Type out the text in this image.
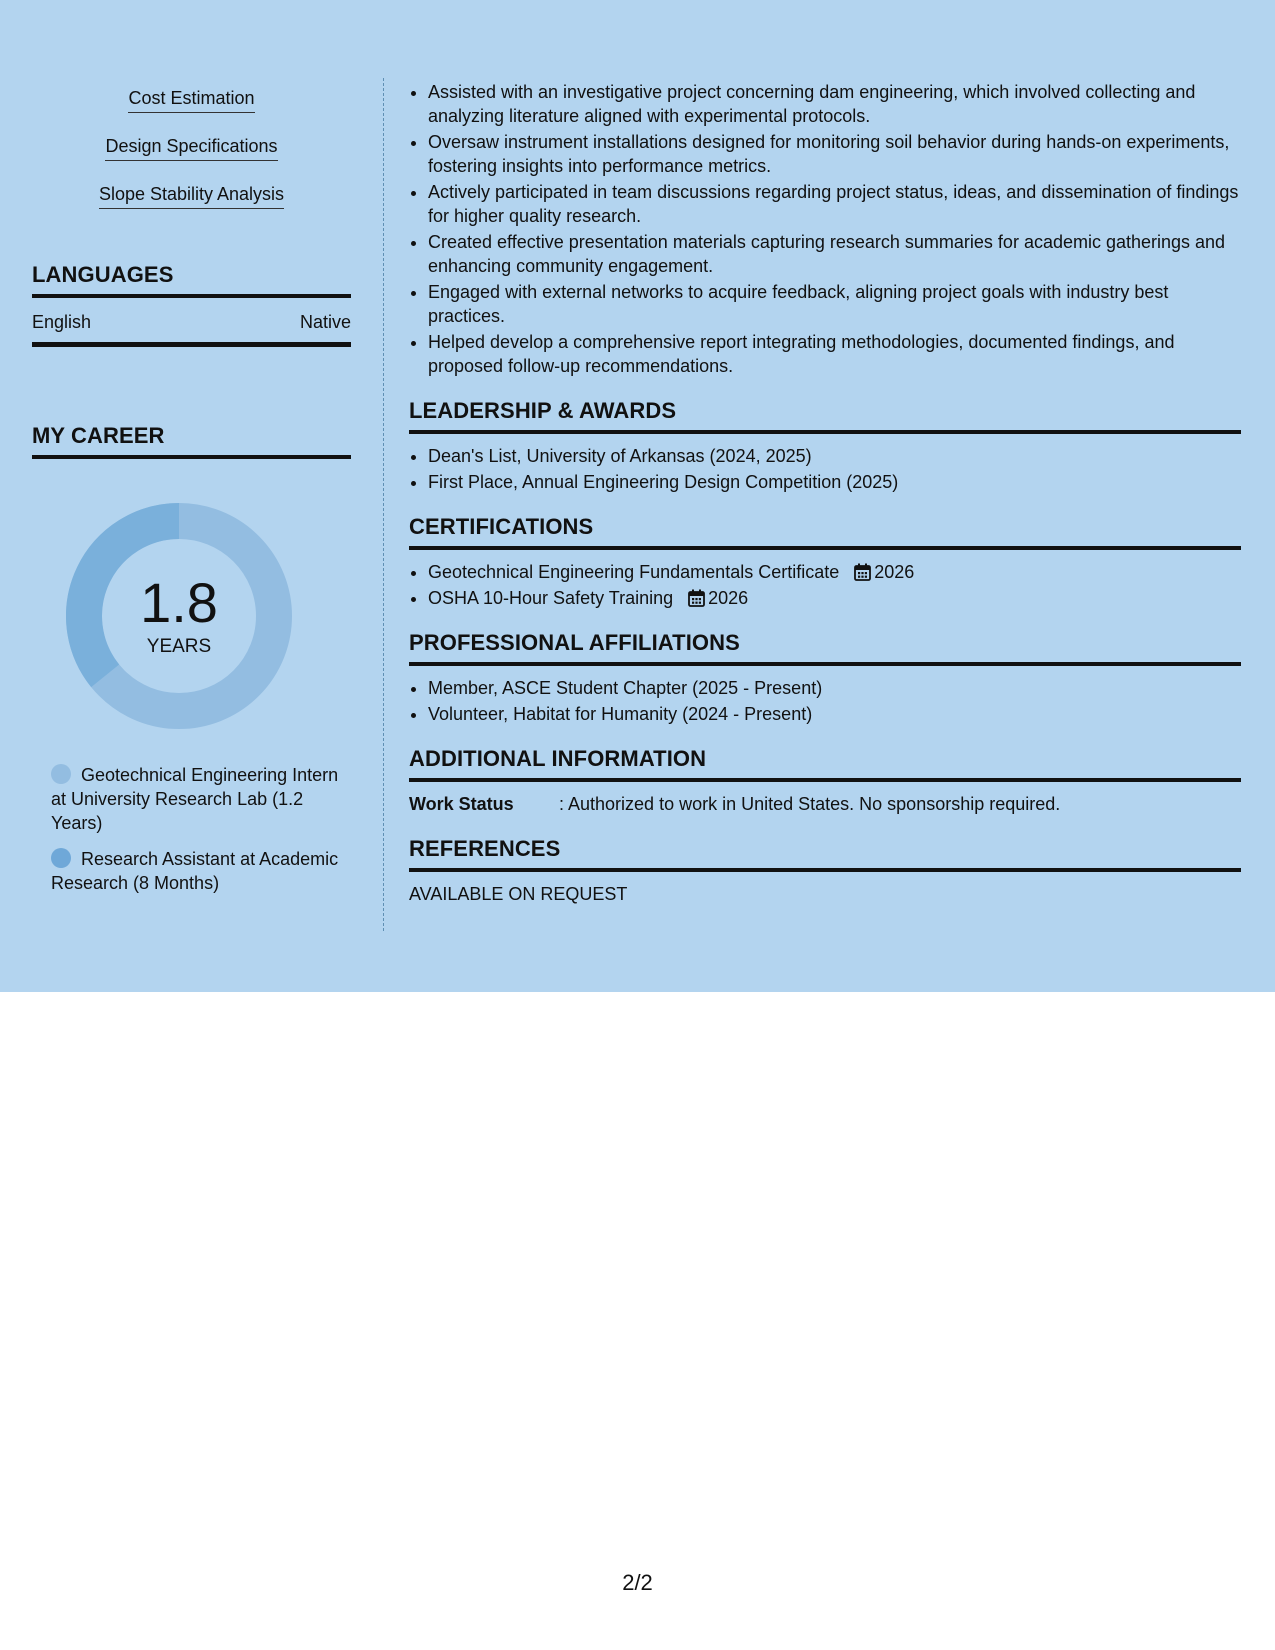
Cost Estimation
Design Specifications
Slope Stability Analysis
LANGUAGES
English	Native
MY CAREER
1.8
YEARS
Geotechnical Engineering Intern at University Research Lab (1.2 Years)
Research Assistant at Academic Research (8 Months)
• Assisted with an investigative project concerning dam engineering, which involved collecting and analyzing literature aligned with experimental protocols.
• Oversaw instrument installations designed for monitoring soil behavior during hands-on experiments, fostering insights into performance metrics.
• Actively participated in team discussions regarding project status, ideas, and dissemination of findings for higher quality research.
• Created effective presentation materials capturing research summaries for academic gatherings and enhancing community engagement.
• Engaged with external networks to acquire feedback, aligning project goals with industry best practices.
• Helped develop a comprehensive report integrating methodologies, documented findings, and proposed follow-up recommendations.
LEADERSHIP & AWARDS
• Dean's List, University of Arkansas (2024, 2025)
• First Place, Annual Engineering Design Competition (2025)
CERTIFICATIONS
• Geotechnical Engineering Fundamentals Certificate 2026
• OSHA 10-Hour Safety Training 2026
PROFESSIONAL AFFILIATIONS
• Member, ASCE Student Chapter (2025 - Present)
• Volunteer, Habitat for Humanity (2024 - Present)
ADDITIONAL INFORMATION
Work Status	: Authorized to work in United States. No sponsorship required.
REFERENCES
AVAILABLE ON REQUEST
2/2
